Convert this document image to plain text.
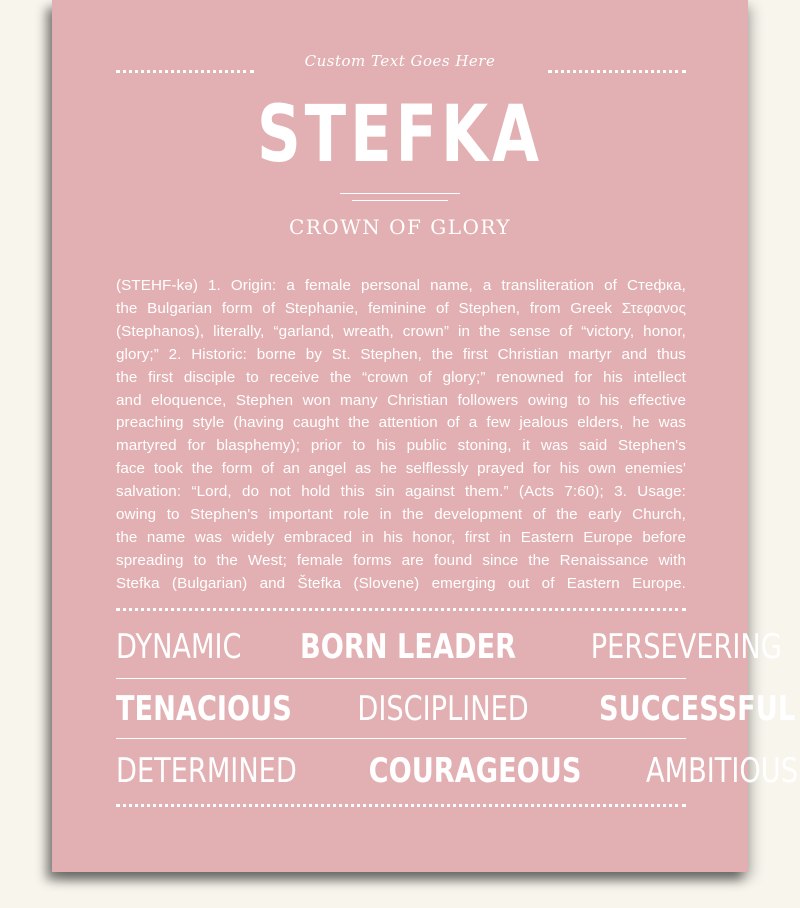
Custom Text Goes Here
STEFKA
CROWN OF GLORY
(STEHF-kə) 1. Origin: a female personal name, a transliteration of Стефка,
the Bulgarian form of Stephanie, feminine of Stephen, from Greek Στεφανος
(Stephanos), literally, “garland, wreath, crown” in the sense of “victory, honor,
glory;” 2. Historic: borne by St. Stephen, the first Christian martyr and thus
the first disciple to receive the “crown of glory;” renowned for his intellect
and eloquence, Stephen won many Christian followers owing to his effective
preaching style (having caught the attention of a few jealous elders, he was
martyred for blasphemy); prior to his public stoning, it was said Stephen's
face took the form of an angel as he selflessly prayed for his own enemies'
salvation: “Lord, do not hold this sin against them.” (Acts 7:60); 3. Usage:
owing to Stephen's important role in the development of the early Church,
the name was widely embraced in his honor, first in Eastern Europe before
spreading to the West; female forms are found since the Renaissance with
Stefka (Bulgarian) and Štefka (Slovene) emerging out of Eastern Europe.
DYNAMIC BORN LEADER PERSEVERING
TENACIOUS DISCIPLINED SUCCESSFUL
DETERMINED COURAGEOUS AMBITIOUS
